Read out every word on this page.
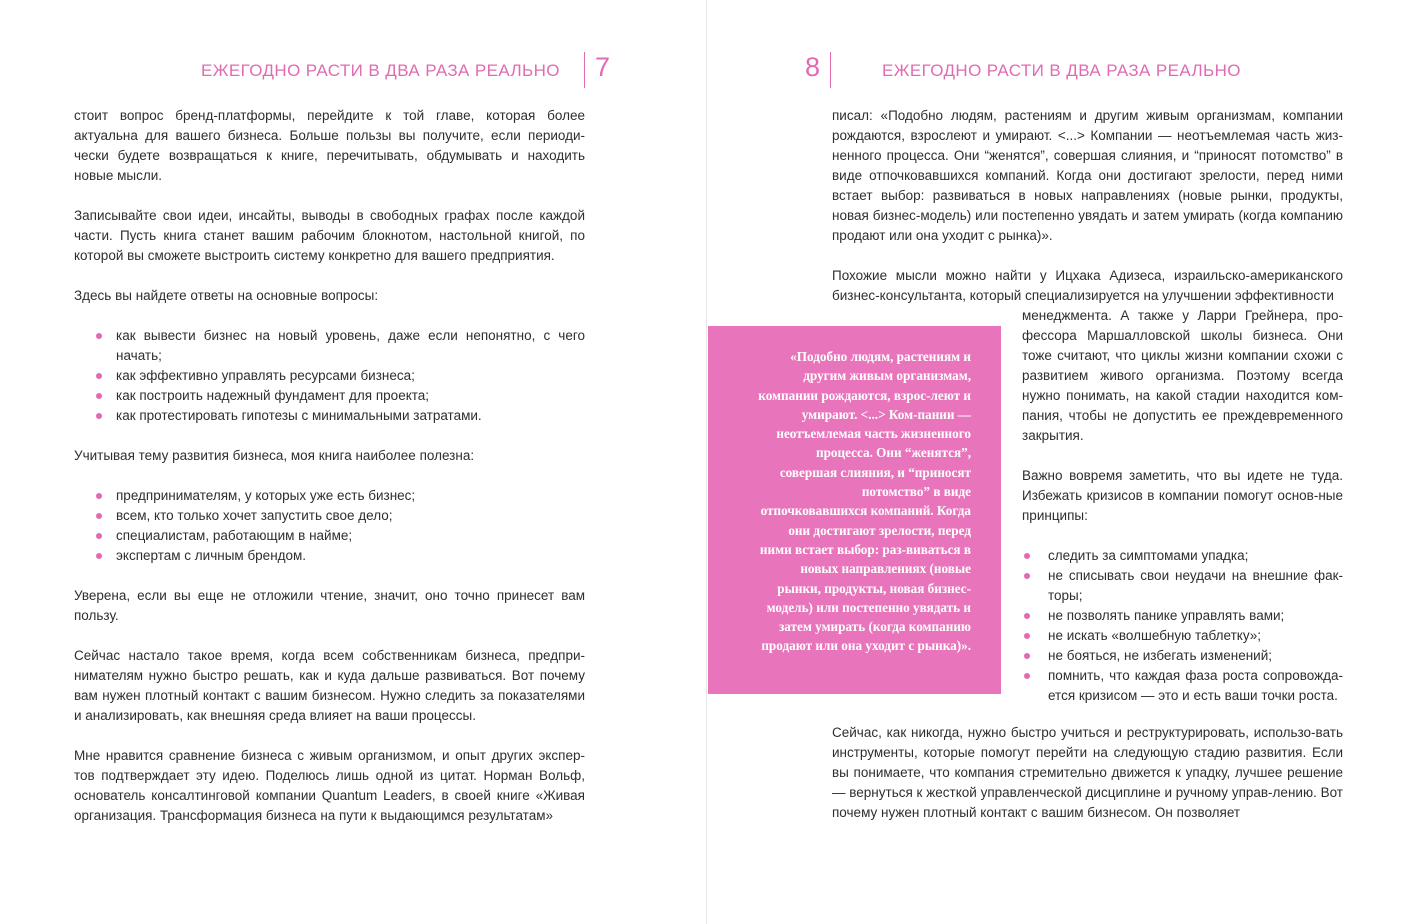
ЕЖЕГОДНО РАСТИ В ДВА РАЗА РЕАЛЬНО 7	8	ЕЖЕГОДНО РАСТИ В ДВА РАЗА РЕАЛЬНО

стоит вопрос бренд-платформы, перейдите к той главе, которая более актуальна для вашего бизнеса. Больше пользы вы получите, если периоди-чески будете возвращаться к книге, перечитывать, обдумывать и находить новые мысли.

Записывайте свои идеи, инсайты, выводы в свободных графах после каждой части. Пусть книга станет вашим рабочим блокнотом, настольной книгой, по которой вы сможете выстроить систему конкретно для вашего предприятия.

Здесь вы найдете ответы на основные вопросы:

как вывести бизнес на новый уровень, даже если непонятно, с чего начать;
как эффективно управлять ресурсами бизнеса;
как построить надежный фундамент для проекта;
как протестировать гипотезы с минимальными затратами.

Учитывая тему развития бизнеса, моя книга наиболее полезна:

предпринимателям, у которых уже есть бизнес;
всем, кто только хочет запустить свое дело;
специалистам, работающим в найме;
экспертам с личным брендом.

Уверена, если вы еще не отложили чтение, значит, оно точно принесет вам пользу.

Сейчас настало такое время, когда всем собственникам бизнеса, предпри-нимателям нужно быстро решать, как и куда дальше развиваться. Вот почему вам нужен плотный контакт с вашим бизнесом. Нужно следить за показателями и анализировать, как внешняя среда влияет на ваши процессы.

Мне нравится сравнение бизнеса с живым организмом, и опыт других экспер-тов подтверждает эту идею. Поделюсь лишь одной из цитат. Норман Вольф, основатель консалтинговой компании Quantum Leaders, в своей книге «Живая организация. Трансформация бизнеса на пути к выдающимся результатам»

писал: «Подобно людям, растениям и другим живым организмам, компании рождаются, взрослеют и умирают. <...> Компании — неотъемлемая часть жиз-ненного процесса. Они “женятся”, совершая слияния, и “приносят потомство” в виде отпочковавшихся компаний. Когда они достигают зрелости, перед ними встает выбор: развиваться в новых направлениях (новые рынки, продукты, новая бизнес-модель) или постепенно увядать и затем умирать (когда компанию продают или она уходит с рынка)».

Похожие мысли можно найти у Ицхака Адизеса, израильско-американского бизнес-консультанта, который специализируется на улучшении эффективности

«Подобно людям, растениям и другим живым организмам, компании рождаются, взрос-леют и умирают. <...> Ком-пании — неотъемлемая часть жизненного процесса. Они “женятся”, совершая слияния, и “приносят потомство” в виде отпочковавшихся компаний. Когда они достигают зрелости, перед ними встает выбор: раз-виваться в новых направлениях (новые рынки, продукты, новая бизнес-модель) или постепенно увядать и затем умирать (когда компанию продают или она уходит с рынка)».

менеджмента. А также у Ларри Грейнера, про-фессора Маршалловской школы бизнеса. Они тоже считают, что циклы жизни компании схожи с развитием живого организма. Поэтому всегда нужно понимать, на какой стадии находится ком-пания, чтобы не допустить ее преждевременного закрытия.

Важно вовремя заметить, что вы идете не туда. Избежать кризисов в компании помогут основ-ные принципы:

следить за симптомами упадка;
не списывать свои неудачи на внешние фак-торы;
не позволять панике управлять вами;
не искать «волшебную таблетку»;
не бояться, не избегать изменений;
помнить, что каждая фаза роста сопровожда-ется кризисом — это и есть ваши точки роста.

Сейчас, как никогда, нужно быстро учиться и реструктурировать, использо-вать инструменты, которые помогут перейти на следующую стадию развития. Если вы понимаете, что компания стремительно движется к упадку, лучшее решение — вернуться к жесткой управленческой дисциплине и ручному управ-лению. Вот почему нужен плотный контакт с вашим бизнесом. Он позволяет
